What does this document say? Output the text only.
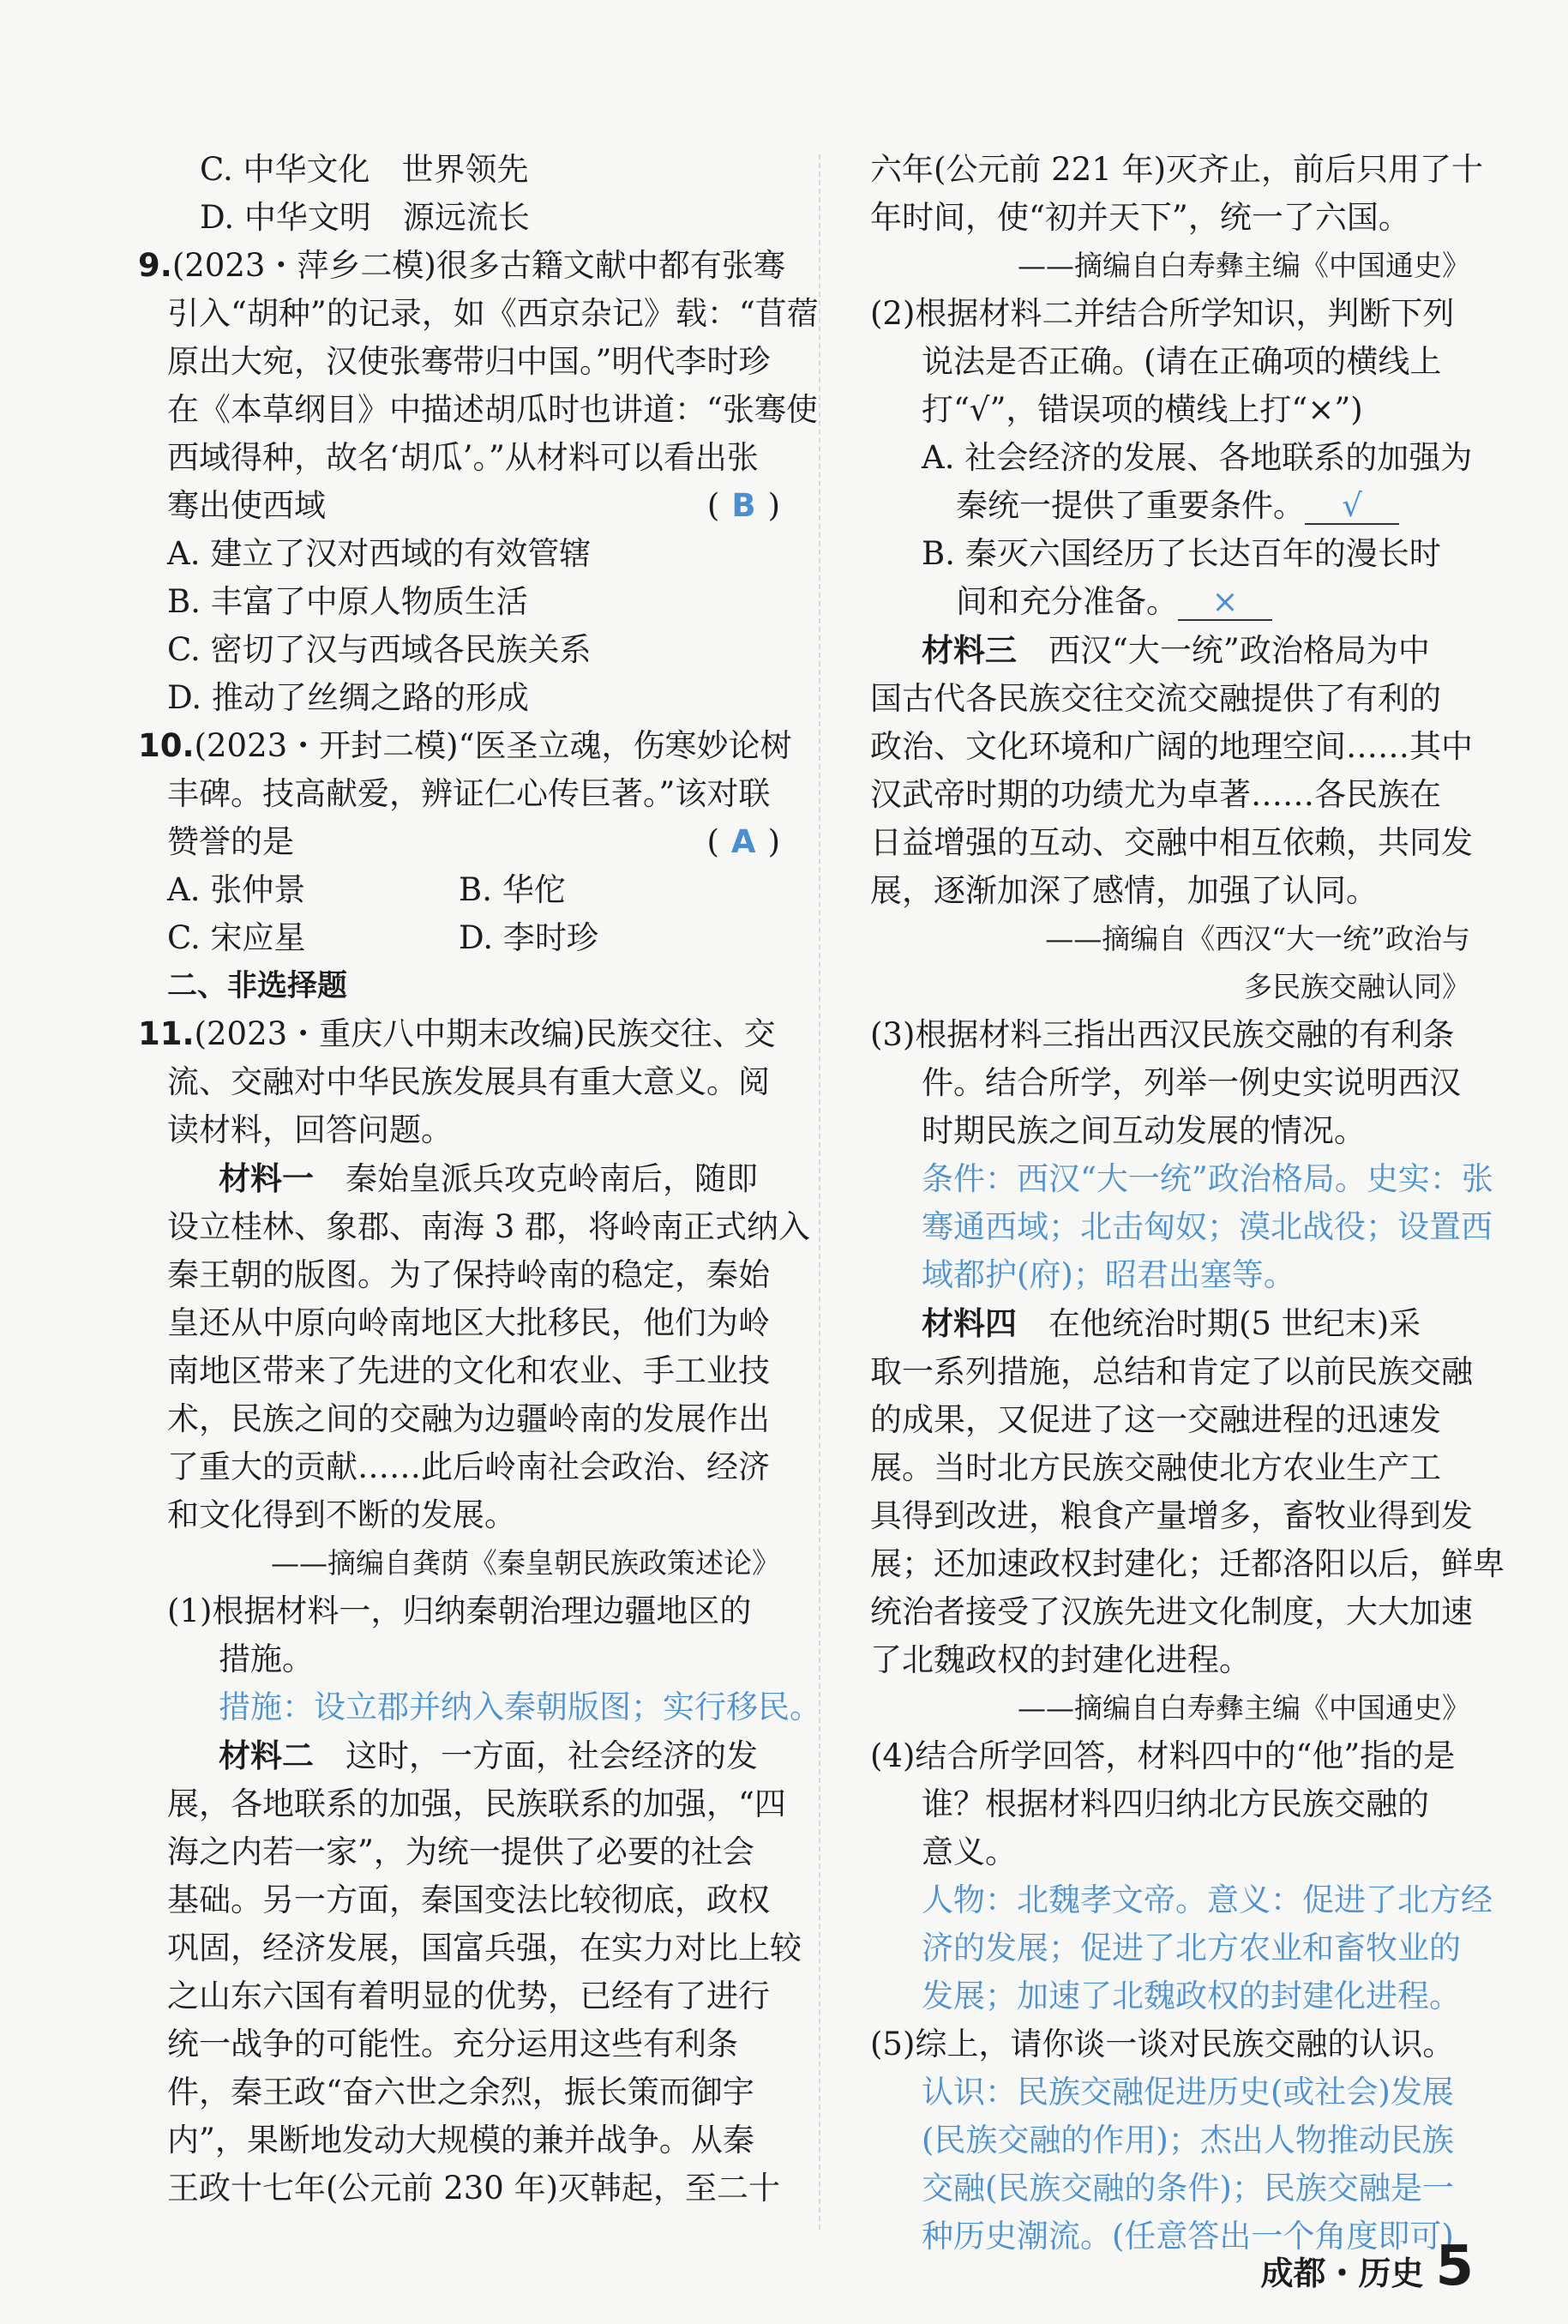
C. 中华文化　世界领先
D. 中华文明　源远流长
9.(2023・萍乡二模)很多古籍文献中都有张骞
引入“胡种”的记录，如《西京杂记》载：“苜蓿
原出大宛，汉使张骞带归中国。”明代李时珍
在《本草纲目》中描述胡瓜时也讲道：“张骞使
西域得种，故名‘胡瓜’。”从材料可以看出张
骞出使西域	( B )
A. 建立了汉对西域的有效管辖
B. 丰富了中原人物质生活
C. 密切了汉与西域各民族关系
D. 推动了丝绸之路的形成
10.(2023・开封二模)“医圣立魂，伤寒妙论树
丰碑。技高献爱，辨证仁心传巨著。”该对联
赞誉的是	( A )
A. 张仲景	B. 华佗
C. 宋应星	D. 李时珍
二、非选择题
11.(2023・重庆八中期末改编)民族交往、交
流、交融对中华民族发展具有重大意义。阅
读材料，回答问题。
材料一　 秦始皇派兵攻克岭南后，随即
设立桂林、象郡、南海 3 郡，将岭南正式纳入
秦王朝的版图。为了保持岭南的稳定，秦始
皇还从中原向岭南地区大批移民，他们为岭
南地区带来了先进的文化和农业、手工业技
术，民族之间的交融为边疆岭南的发展作出
了重大的贡献……此后岭南社会政治、经济
和文化得到不断的发展。
——摘编自龚荫《秦皇朝民族政策述论》
(1)根据材料一，归纳秦朝治理边疆地区的
措施。
措施：设立郡并纳入秦朝版图；实行移民。
材料二　 这时，一方面，社会经济的发
展，各地联系的加强，民族联系的加强，“四
海之内若一家”，为统一提供了必要的社会
基础。另一方面，秦国变法比较彻底，政权
巩固，经济发展，国富兵强，在实力对比上较
之山东六国有着明显的优势，已经有了进行
统一战争的可能性。充分运用这些有利条
件，秦王政“奋六世之余烈，振长策而御宇
内”，果断地发动大规模的兼并战争。从秦
王政十七年(公元前 230 年)灭韩起，至二十
六年(公元前 221 年)灭齐止，前后只用了十
年时间，使“初并天下”，统一了六国。
——摘编自白寿彝主编《中国通史》
(2)根据材料二并结合所学知识，判断下列
说法是否正确。(请在正确项的横线上
打“√”，错误项的横线上打“×”)
A. 社会经济的发展、各地联系的加强为
秦统一提供了重要条件。 √
B. 秦灭六国经历了长达百年的漫长时
间和充分准备。 ×
材料三　 西汉“大一统”政治格局为中
国古代各民族交往交流交融提供了有利的
政治、文化环境和广阔的地理空间……其中
汉武帝时期的功绩尤为卓著……各民族在
日益增强的互动、交融中相互依赖，共同发
展，逐渐加深了感情，加强了认同。
——摘编自《西汉“大一统”政治与
多民族交融认同》
(3)根据材料三指出西汉民族交融的有利条
件。结合所学，列举一例史实说明西汉
时期民族之间互动发展的情况。
条件：西汉“大一统”政治格局。史实：张
骞通西域；北击匈奴；漠北战役；设置西
域都护(府)；昭君出塞等。
材料四　 在他统治时期(5 世纪末)采
取一系列措施，总结和肯定了以前民族交融
的成果，又促进了这一交融进程的迅速发
展。当时北方民族交融使北方农业生产工
具得到改进，粮食产量增多，畜牧业得到发
展；还加速政权封建化；迁都洛阳以后，鲜卑
统治者接受了汉族先进文化制度，大大加速
了北魏政权的封建化进程。
——摘编自白寿彝主编《中国通史》
(4)结合所学回答，材料四中的“他”指的是
谁？根据材料四归纳北方民族交融的
意义。
人物：北魏孝文帝。意义：促进了北方经
济的发展；促进了北方农业和畜牧业的
发展；加速了北魏政权的封建化进程。
(5)综上，请你谈一谈对民族交融的认识。
认识：民族交融促进历史(或社会)发展
(民族交融的作用)；杰出人物推动民族
交融(民族交融的条件)；民族交融是一
种历史潮流。(任意答出一个角度即可)
成都・历史 5
